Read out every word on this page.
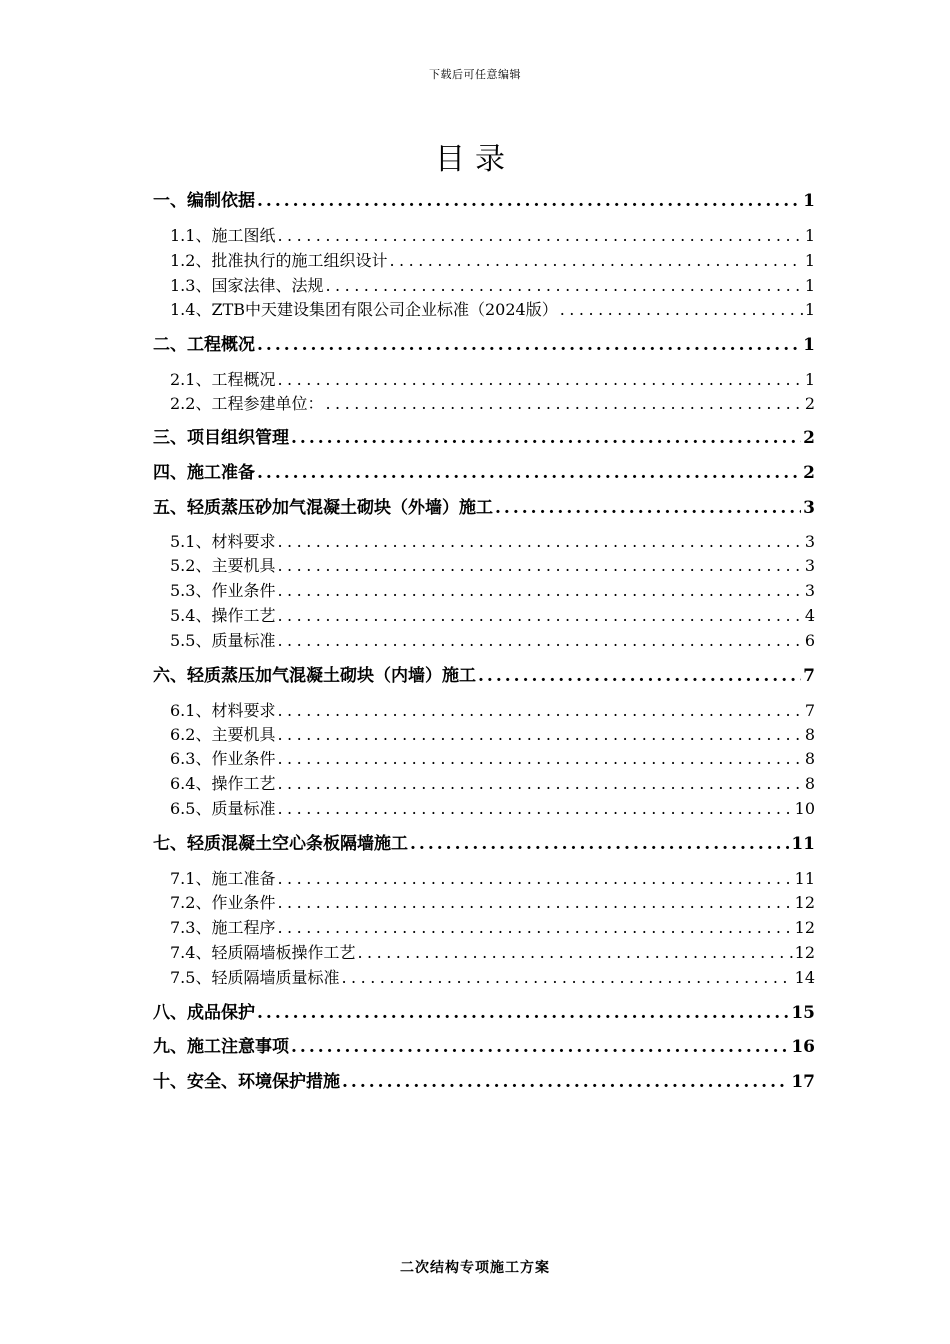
下载后可任意编辑
目录
一、编制依据 .....	1
1.1、施工图纸 .....	1
1.2、批准执行的施工组织设计 .....	1
1.3、国家法律、法规 .....	1
1.4、ZTB中天建设集团有限公司企业标准（2024版） .....	1
二、工程概况 .....	1
2.1、工程概况 .....	1
2.2、工程参建单位： .....	2
三、项目组织管理 .....	2
四、施工准备 .....	2
五、轻质蒸压砂加气混凝土砌块（外墙）施工 .....	3
5.1、材料要求 .....	3
5.2、主要机具 .....	3
5.3、作业条件 .....	3
5.4、操作工艺 .....	4
5.5、质量标准 .....	6
六、轻质蒸压加气混凝土砌块（内墙）施工 .....	7
6.1、材料要求 .....	7
6.2、主要机具 .....	8
6.3、作业条件 .....	8
6.4、操作工艺 .....	8
6.5、质量标准 .....	10
七、轻质混凝土空心条板隔墙施工 .....	11
7.1、施工准备 .....	11
7.2、作业条件 .....	12
7.3、施工程序 .....	12
7.4、轻质隔墙板操作工艺 .....	12
7.5、轻质隔墙质量标准 .....	14
八、成品保护 .....	15
九、施工注意事项 .....	16
十、安全、环境保护措施 .....	17
二次结构专项施工方案
